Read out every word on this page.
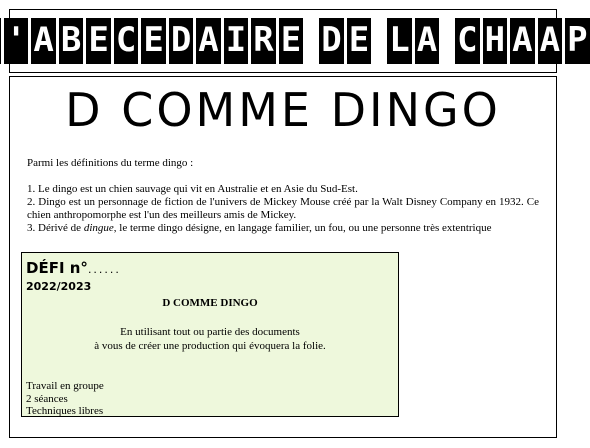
' A B E C E D A I R E D E L A C H A A P
D COMME DINGO
Parmi les définitions du terme dingo :

1. Le dingo est un chien sauvage qui vit en Australie et en Asie du Sud-Est.

2. Dingo est un personnage de fiction de l'univers de Mickey Mouse créé par la Walt Disney Company en 1932. Ce chien anthropomorphe est l'un des meilleurs amis de Mickey.

3. Dérivé de dingue, le terme dingo désigne, en langage familier, un fou, ou une personne très extentrique

DÉFI n°......
2022/2023
D COMME DINGO
En utilisant tout ou partie des documents
à vous de créer une production qui évoquera la folie.
Travail en groupe
2 séances
Techniques libres
